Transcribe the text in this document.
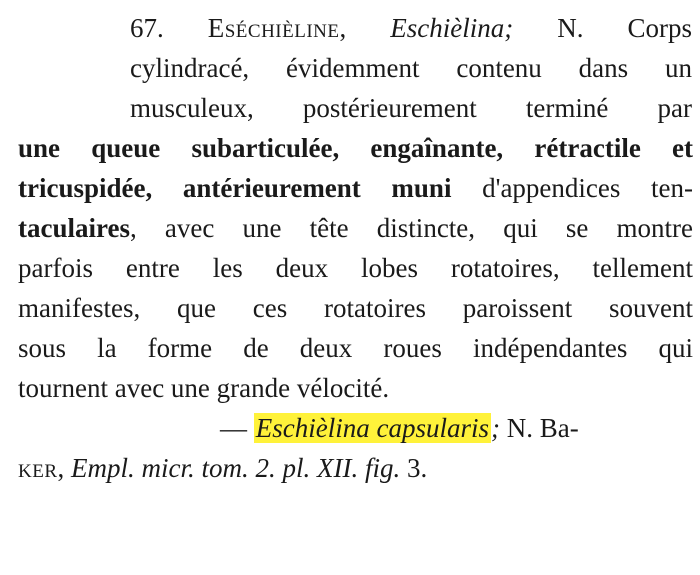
67. Eséchièline, Eschièlina; N. Corps
cylindracé, évidemment contenu dans un
musculeux, postérieurement terminé par
une queue subarticulée, engaînante, rétractile et
tricuspidée, antérieurement muni d'appendices ten-
taculaires, avec une tête distincte, qui se montre
parfois entre les deux lobes rotatoires, tellement
manifestes, que ces rotatoires paroissent souvent
sous la forme de deux roues indépendantes qui
tournent avec une grande vélocité.
— Eschièlina capsularis; N. Ba-
ker, Empl. micr. tom. 2. pl. XII. fig. 3.
